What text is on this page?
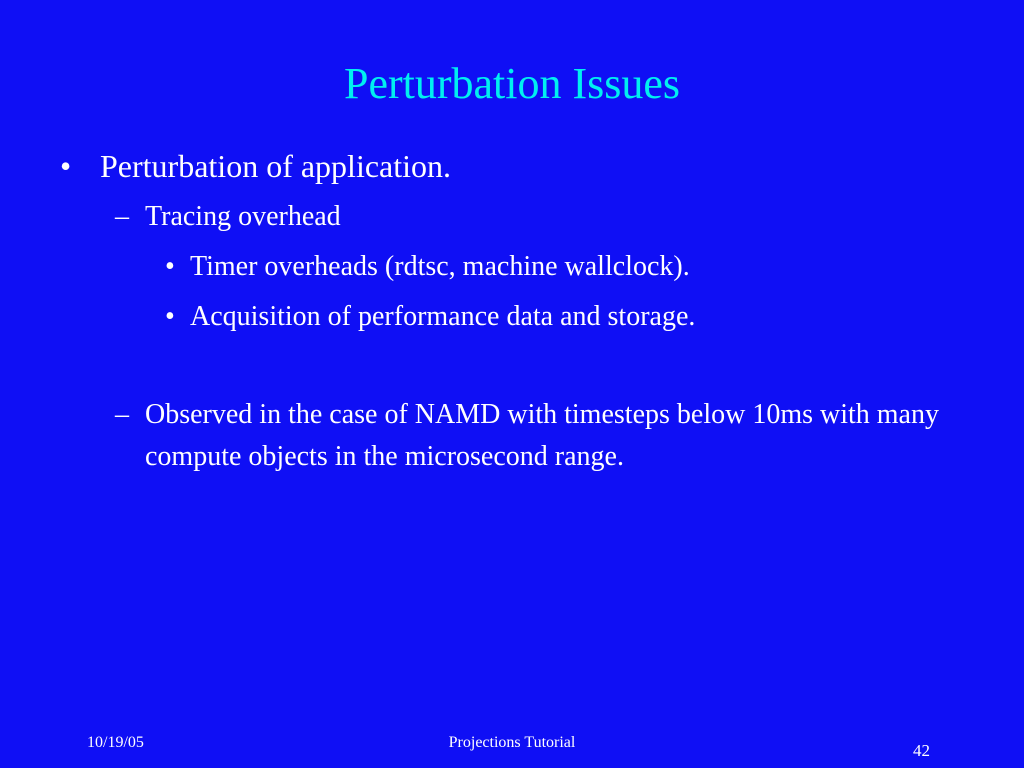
Perturbation Issues
• Perturbation of application.
– Tracing overhead
• Timer overheads (rdtsc, machine wallclock).
• Acquisition of performance data and storage.
– Observed in the case of NAMD with timesteps below 10ms with many compute objects in the microsecond range.
10/19/05	Projections Tutorial	42
